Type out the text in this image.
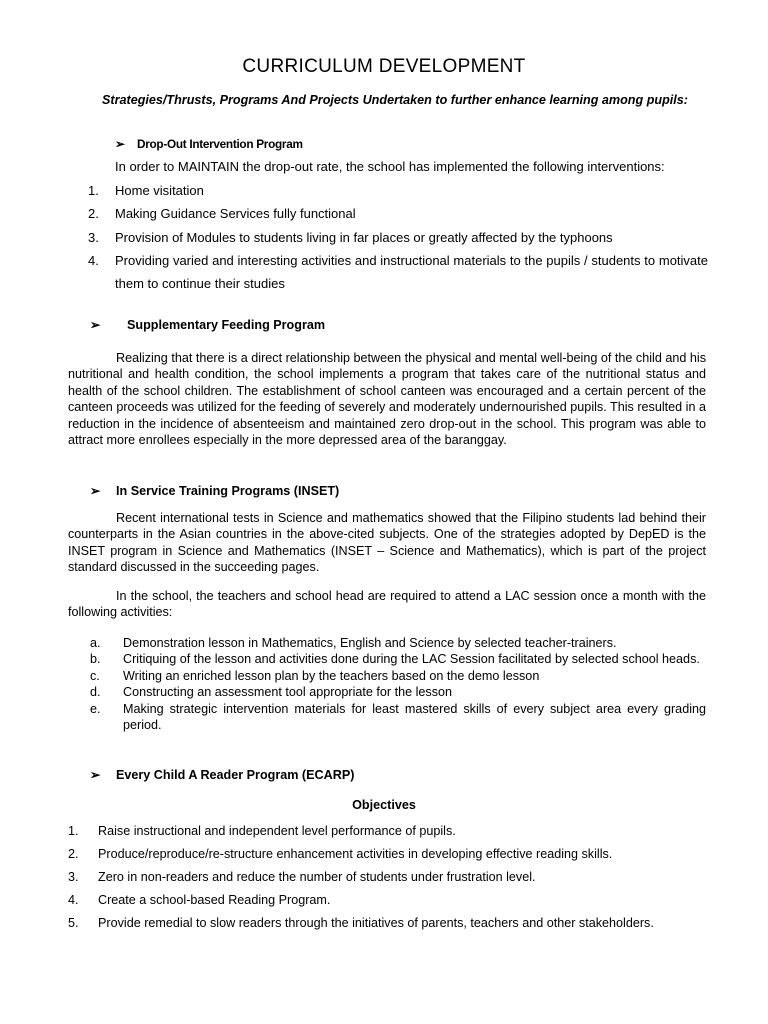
CURRICULUM DEVELOPMENT
Strategies/Thrusts, Programs And Projects Undertaken to further enhance learning among pupils:
➢ Drop-Out Intervention Program
In order to MAINTAIN the drop-out rate, the school has implemented the following interventions:
1. Home visitation
2. Making Guidance Services fully functional
3. Provision of Modules to students living in far places or greatly affected by the typhoons
4. Providing varied and interesting activities and instructional materials to the pupils / students to motivate them to continue their studies
➢ Supplementary Feeding Program
Realizing that there is a direct relationship between the physical and mental well-being of the child and his nutritional and health condition, the school implements a program that takes care of the nutritional status and health of the school children. The establishment of school canteen was encouraged and a certain percent of the canteen proceeds was utilized for the feeding of severely and moderately undernourished pupils. This resulted in a reduction in the incidence of absenteeism and maintained zero drop-out in the school. This program was able to attract more enrollees especially in the more depressed area of the baranggay.
➢ In Service Training Programs (INSET)
Recent international tests in Science and mathematics showed that the Filipino students lad behind their counterparts in the Asian countries in the above-cited subjects. One of the strategies adopted by DepED is the INSET program in Science and Mathematics (INSET – Science and Mathematics), which is part of the project standard discussed in the succeeding pages.
In the school, the teachers and school head are required to attend a LAC session once a month with the following activities:
a. Demonstration lesson in Mathematics, English and Science by selected teacher-trainers.
b. Critiquing of the lesson and activities done during the LAC Session facilitated by selected school heads.
c. Writing an enriched lesson plan by the teachers based on the demo lesson
d. Constructing an assessment tool appropriate for the lesson
e. Making strategic intervention materials for least mastered skills of every subject area every grading period.
➢ Every Child A Reader Program (ECARP)
Objectives
1. Raise instructional and independent level performance of pupils.
2. Produce/reproduce/re-structure enhancement activities in developing effective reading skills.
3. Zero in non-readers and reduce the number of students under frustration level.
4. Create a school-based Reading Program.
5. Provide remedial to slow readers through the initiatives of parents, teachers and other stakeholders.
